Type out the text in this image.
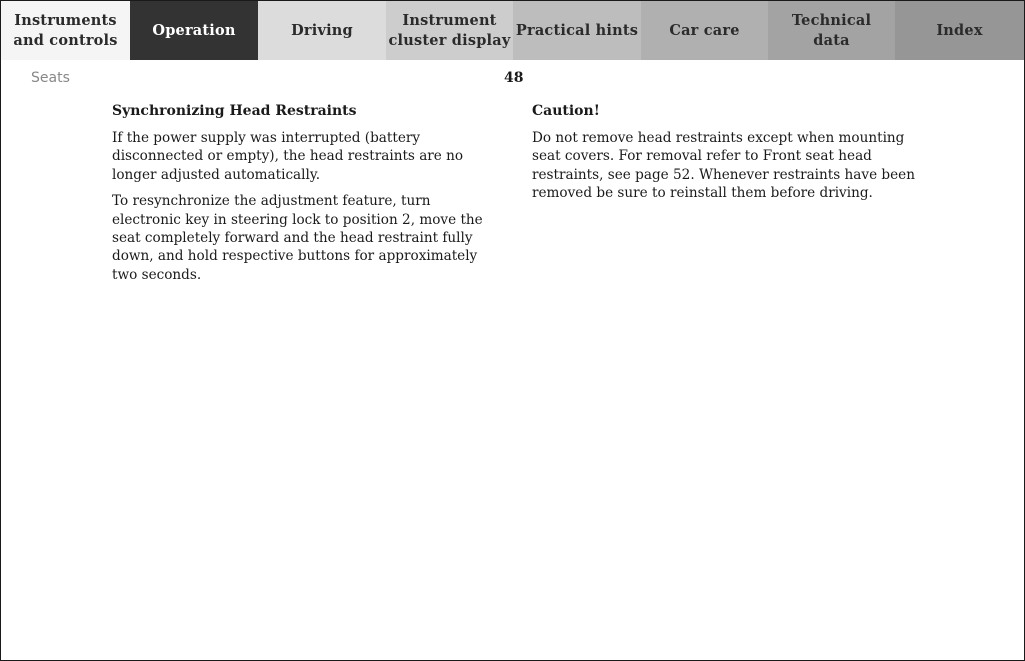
Instruments
and controls
Operation	Driving
Instrument
cluster display
Practical hints Car care
Technical
data
Index
Seats	48
Synchronizing Head Restraints

If the power supply was interrupted (battery disconnected or empty), the head restraints are no longer adjusted automatically.

To resynchronize the adjustment feature, turn electronic key in steering lock to position 2, move the seat completely forward and the head restraint fully down, and hold respective buttons for approximately two seconds.

Caution!

Do not remove head restraints except when mounting seat covers. For removal refer to Front seat head restraints, see page 52. Whenever restraints have been removed be sure to reinstall them before driving.
